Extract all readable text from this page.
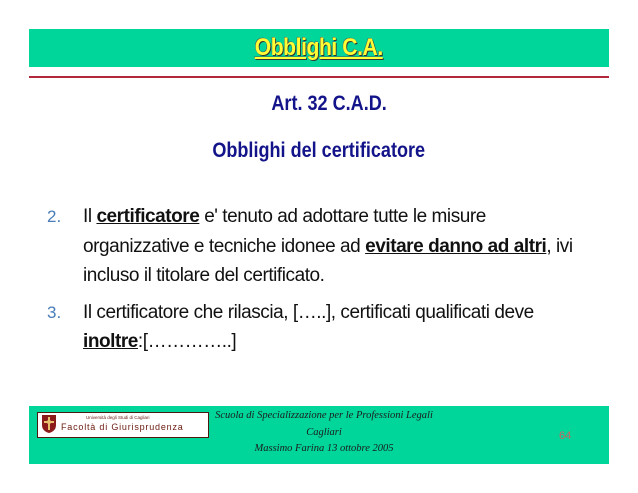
Obblighi C.A.
Art. 32 C.A.D.
Obblighi del certificatore
2.	Il certificatore e' tenuto ad adottare tutte le misure organizzative e tecniche idonee ad evitare danno ad altri, ivi incluso il titolare del certificato.
3.	Il certificatore che rilascia, […..], certificati qualificati deve inoltre:[…………..]
Università degli Studi di Cagliari
Facoltà di Giurisprudenza
Scuola di Specializzazione per le Professioni Legali
Cagliari
Massimo Farina 13 ottobre 2005
64
